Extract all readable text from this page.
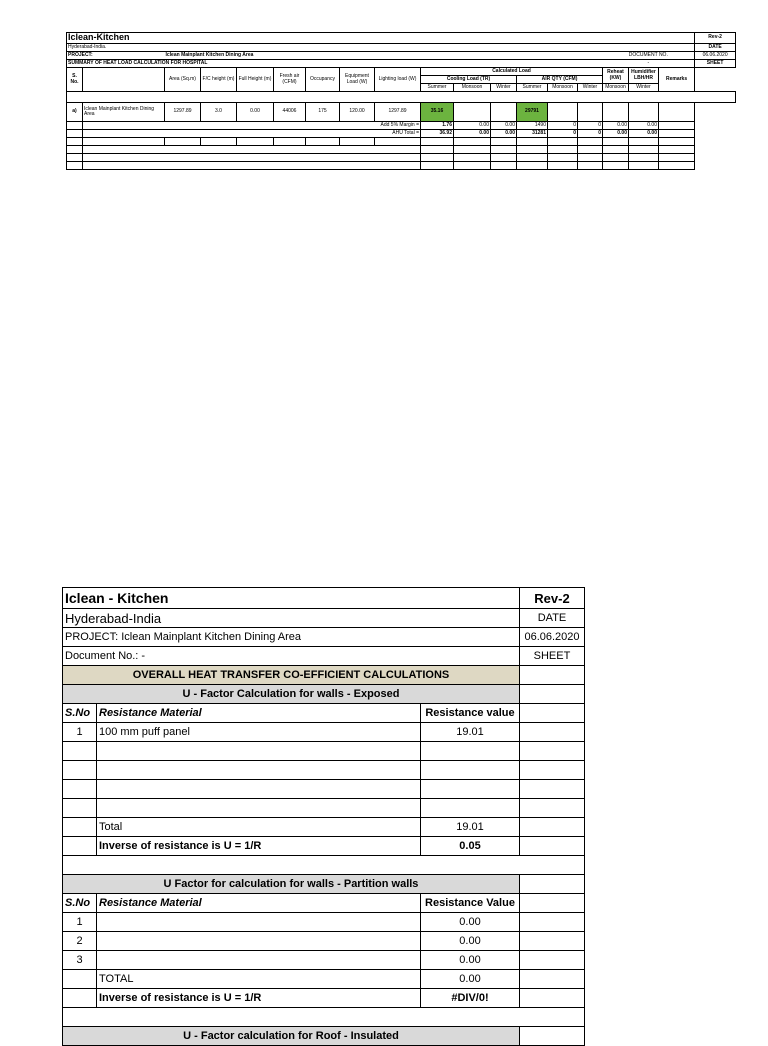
Iclean-Kitchen																		Rev-2
Hyderabad-India.																		DATE
PROJECT:		Iclean Mainplant Kitchen Dining Area													DOCUMENT NO.			06.06.2020
SUMMARY OF HEAT LOAD CALCULATION FOR HOSPITAL															-			SHEET
S. No.		Area (Sq.m)	F/C height (m)	Full Height (m)	Fresh air (CFM)	Occupancy	Equipment Load (W)	Lighting load (W)	Calculated Load						Reheat (KW)	Humidifier LBH/HR	Remarks
									Cooling Load (TR)			AIR QTY (CFM)						
									Summer	Monsoon	Winter	Summer	Monsoon	Winter	Monsoon	Winter		

a)	Iclean Mainplant Kitchen Dining Area	1297.89	3.0	0.00	44006	175	120.00	1297.89	35.16			29791						
	Add 5% Margin =								1.76	0.00	0.00	1490	0	0	0.00	0.00		
	AHU Total =								36.92	0.00	0.00	31281	0	0	0.00	0.00		

Iclean - Kitchen			Rev-2
Hyderabad-India			DATE
PROJECT: Iclean Mainplant Kitchen Dining Area			06.06.2020
Document No.: -			SHEET
OVERALL HEAT TRANSFER CO-EFFICIENT CALCULATIONS			
U - Factor Calculation for walls - Exposed			
S.No	Resistance Material	Resistance value	
1	100 mm puff panel	19.01	

	Total	19.01	
	Inverse of resistance is U = 1/R	0.05	

U Factor for calculation for walls - Partition walls			
S.No	Resistance Material	Resistance Value	
1		0.00	
2		0.00	
3		0.00	
	TOTAL	0.00	
	Inverse of resistance is U = 1/R	#DIV/0!	

U - Factor calculation for Roof - Insulated			
